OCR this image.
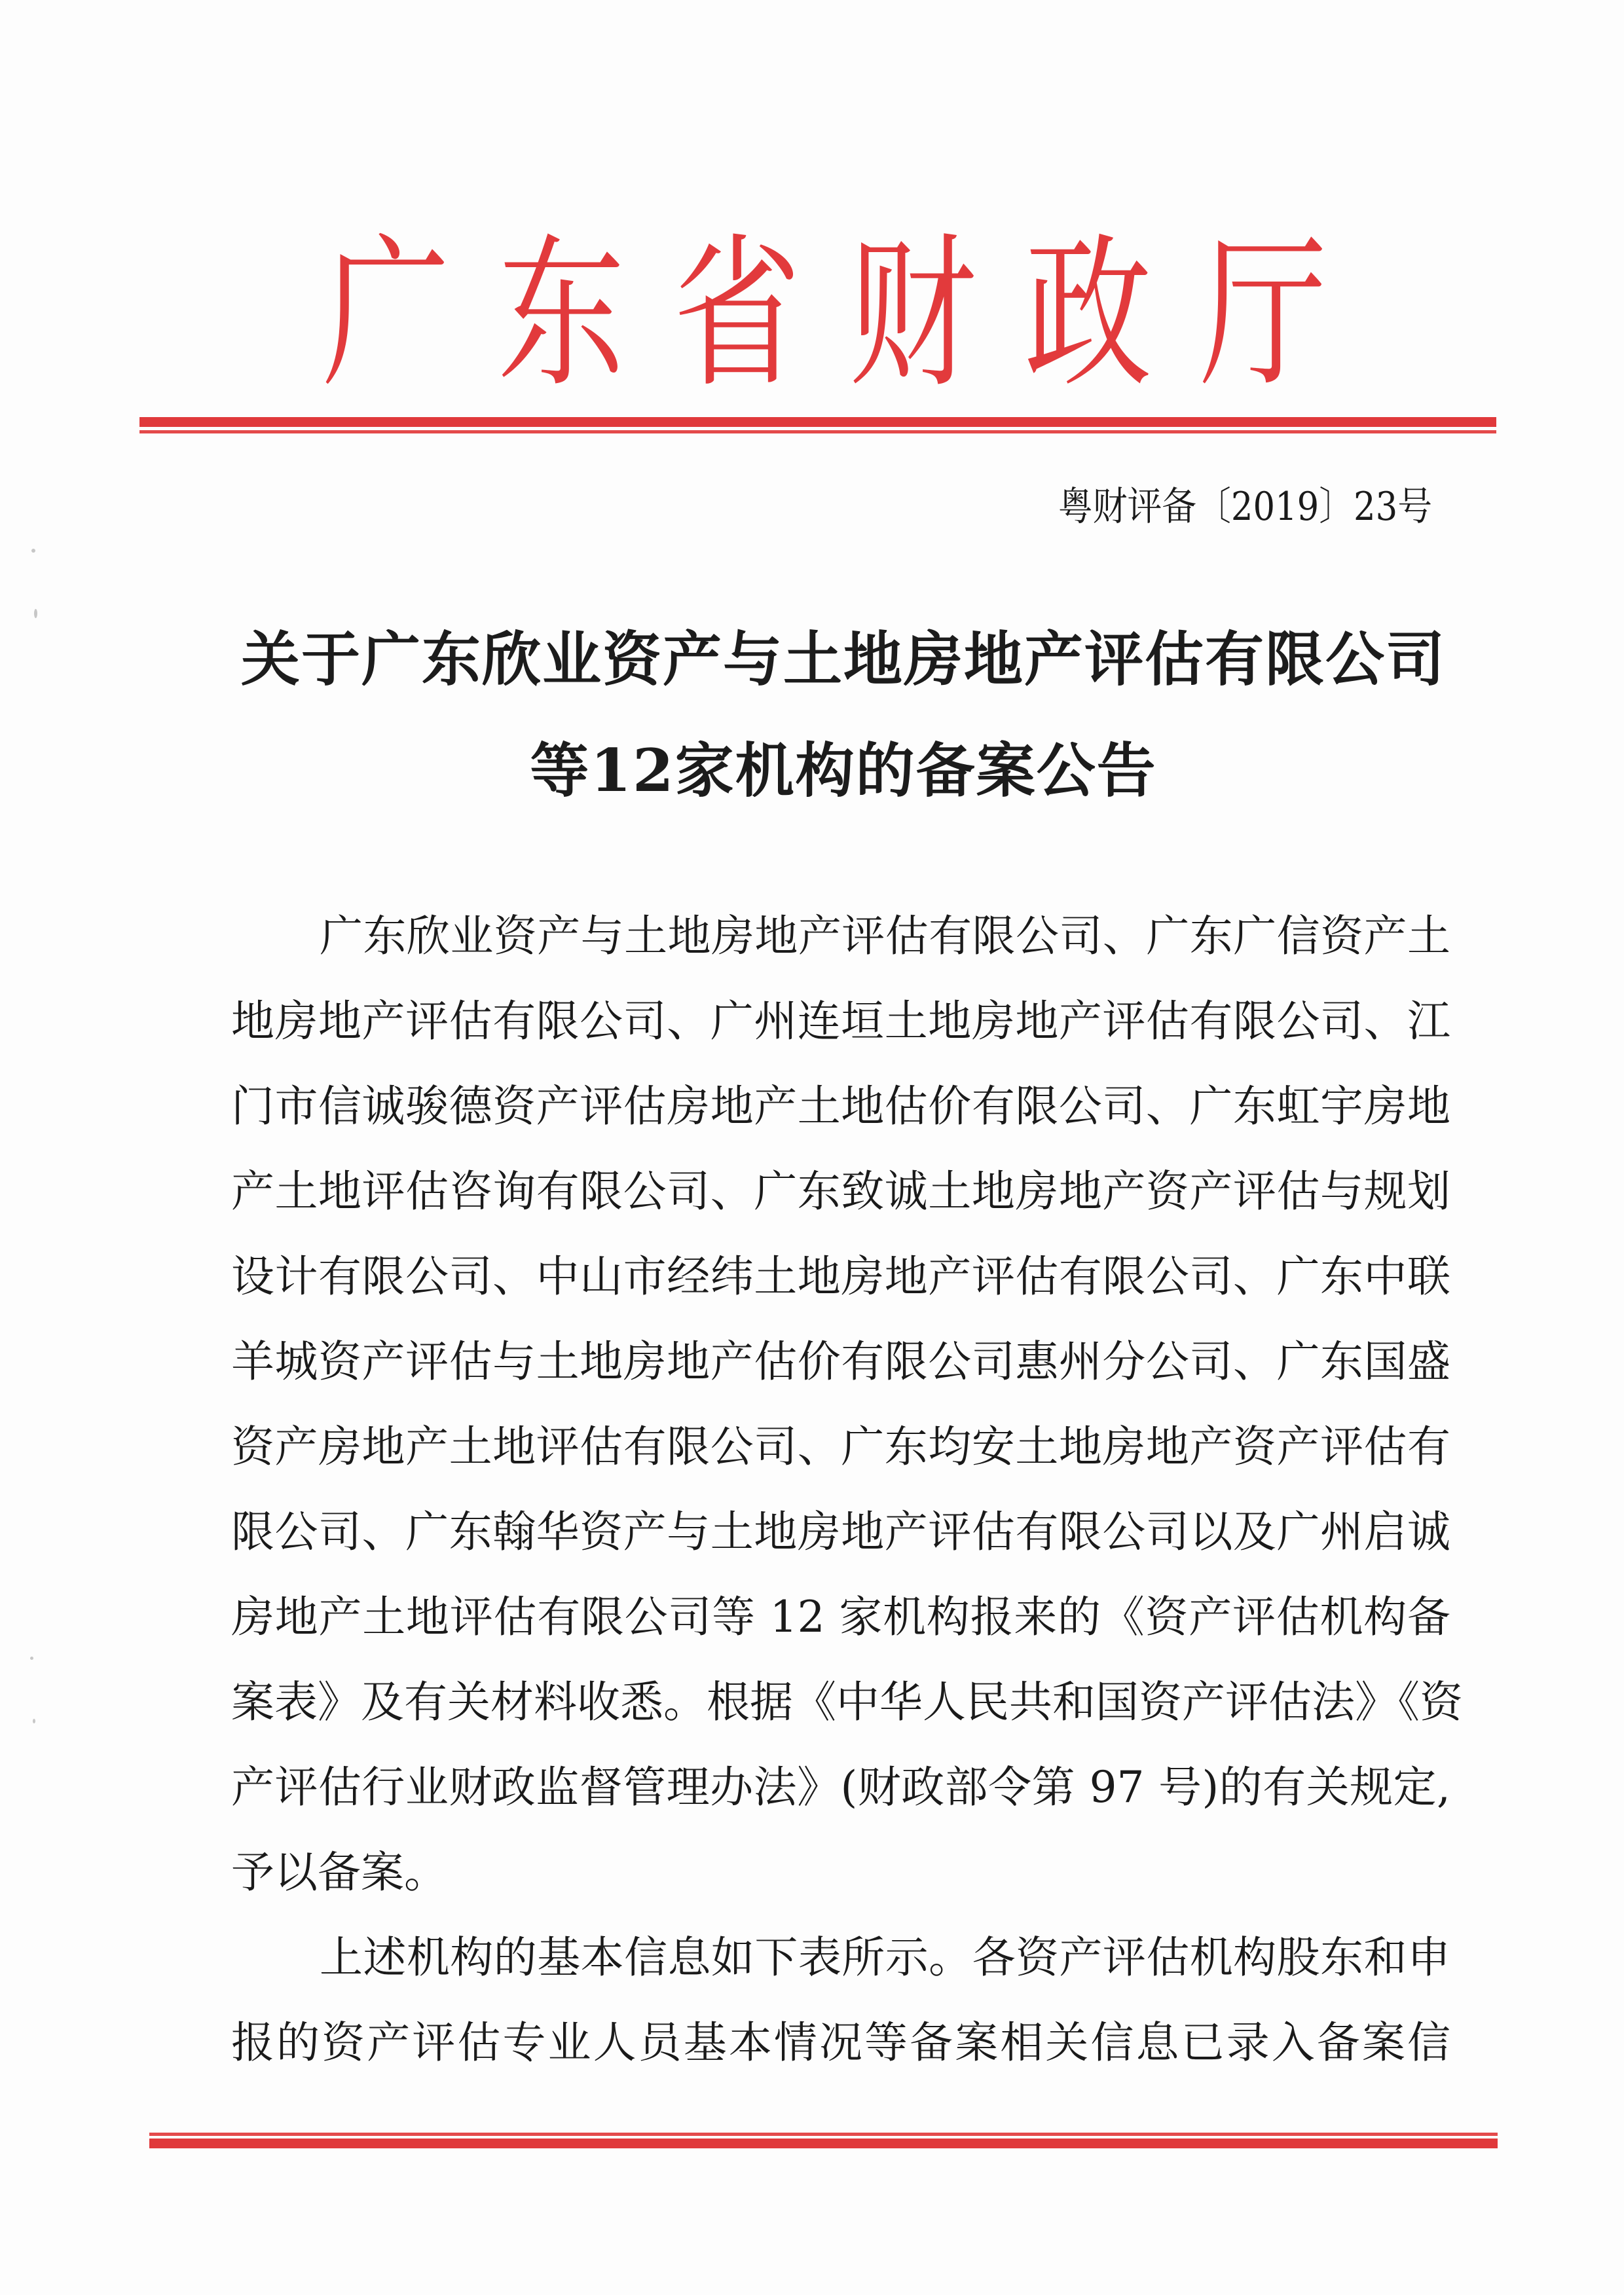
广 东 省 财 政 厅
粤财评备〔2019〕23号
关于广东欣业资产与土地房地产评估有限公司
等12家机构的备案公告
广东欣业资产与土地房地产评估有限公司、广东广信资产土
地房地产评估有限公司、广州连垣土地房地产评估有限公司、江
门市信诚骏德资产评估房地产土地估价有限公司、广东虹宇房地
产土地评估咨询有限公司、广东致诚土地房地产资产评估与规划
设计有限公司、中山市经纬土地房地产评估有限公司、广东中联
羊城资产评估与土地房地产估价有限公司惠州分公司、广东国盛
资产房地产土地评估有限公司、广东均安土地房地产资产评估有
限公司、广东翰华资产与土地房地产评估有限公司以及广州启诚
房地产土地评估有限公司等 12 家机构报来的《资产评估机构备
案表》及有关材料收悉。根据《中华人民共和国资产评估法》《资
产评估行业财政监督管理办法》(财政部令第 97 号)的有关规定,
予以备案。
上述机构的基本信息如下表所示。各资产评估机构股东和申
报的资产评估专业人员基本情况等备案相关信息已录入备案信
